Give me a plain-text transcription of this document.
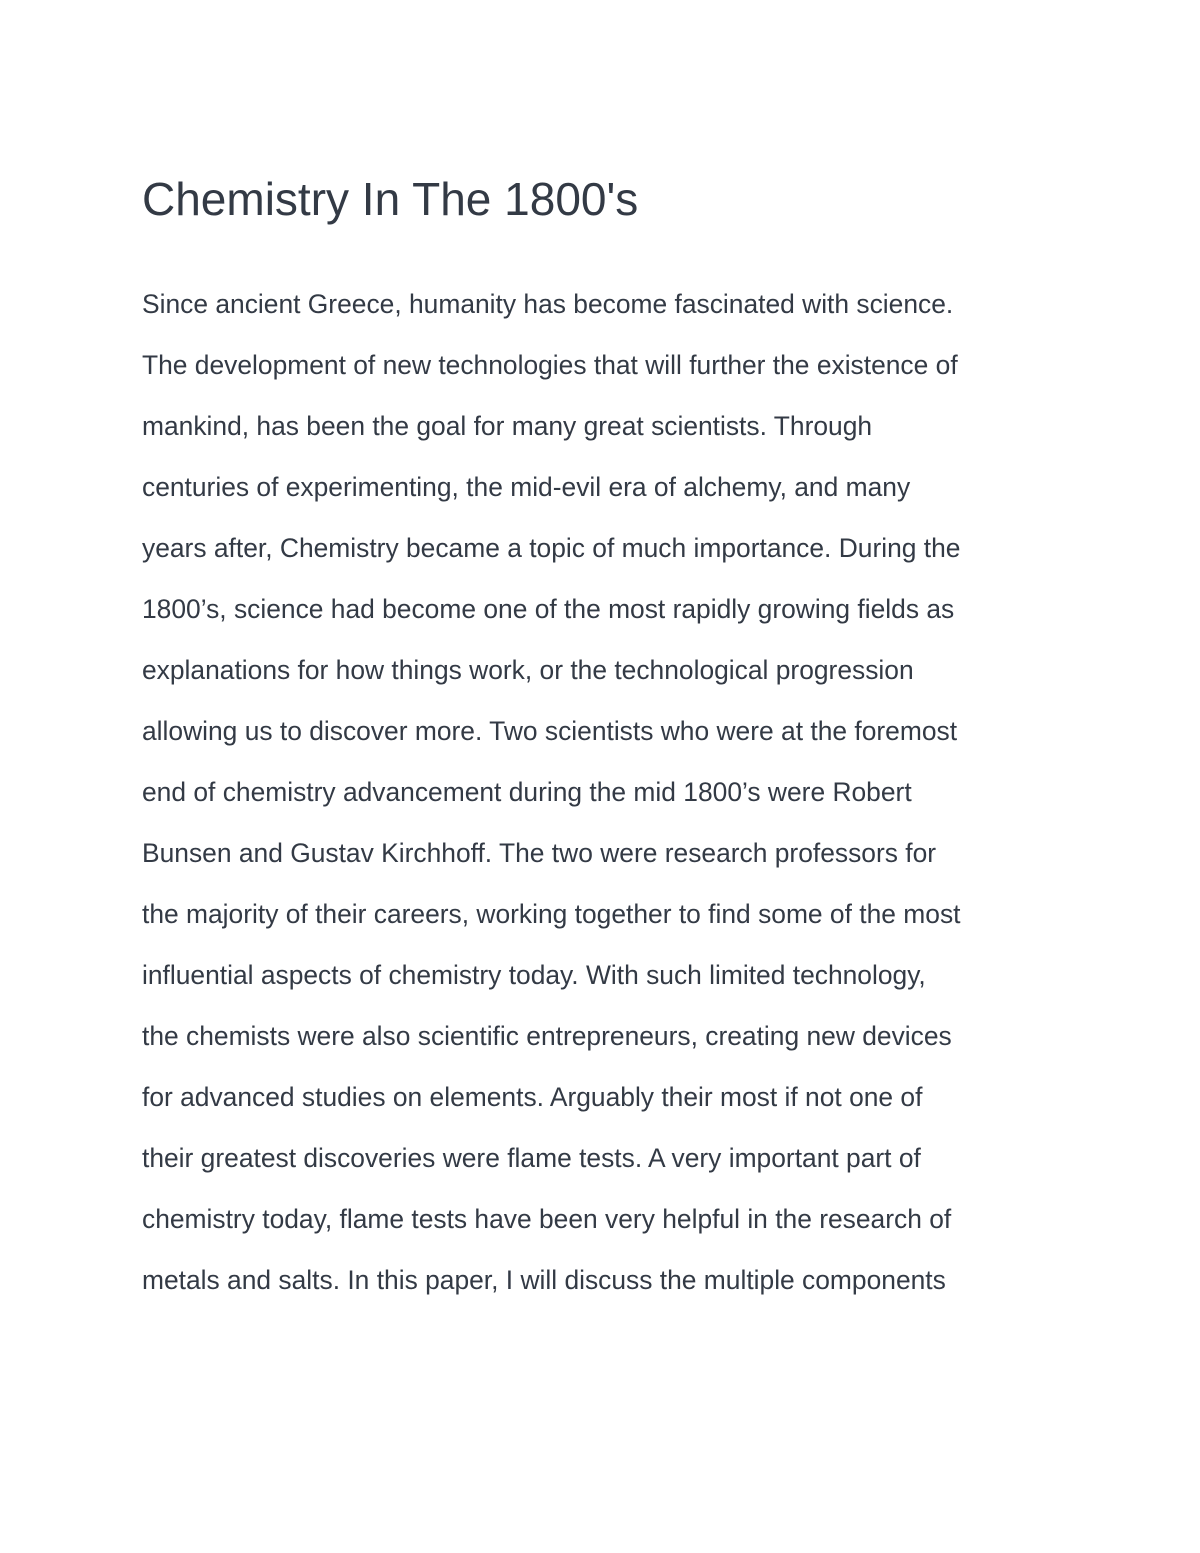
Chemistry In The 1800's
Since ancient Greece, humanity has become fascinated with science.
The development of new technologies that will further the existence of
mankind, has been the goal for many great scientists. Through
centuries of experimenting, the mid-evil era of alchemy, and many
years after, Chemistry became a topic of much importance. During the
1800’s, science had become one of the most rapidly growing fields as
explanations for how things work, or the technological progression
allowing us to discover more. Two scientists who were at the foremost
end of chemistry advancement during the mid 1800’s were Robert
Bunsen and Gustav Kirchhoff. The two were research professors for
the majority of their careers, working together to find some of the most
influential aspects of chemistry today. With such limited technology,
the chemists were also scientific entrepreneurs, creating new devices
for advanced studies on elements. Arguably their most if not one of
their greatest discoveries were flame tests. A very important part of
chemistry today, flame tests have been very helpful in the research of
metals and salts. In this paper, I will discuss the multiple components
